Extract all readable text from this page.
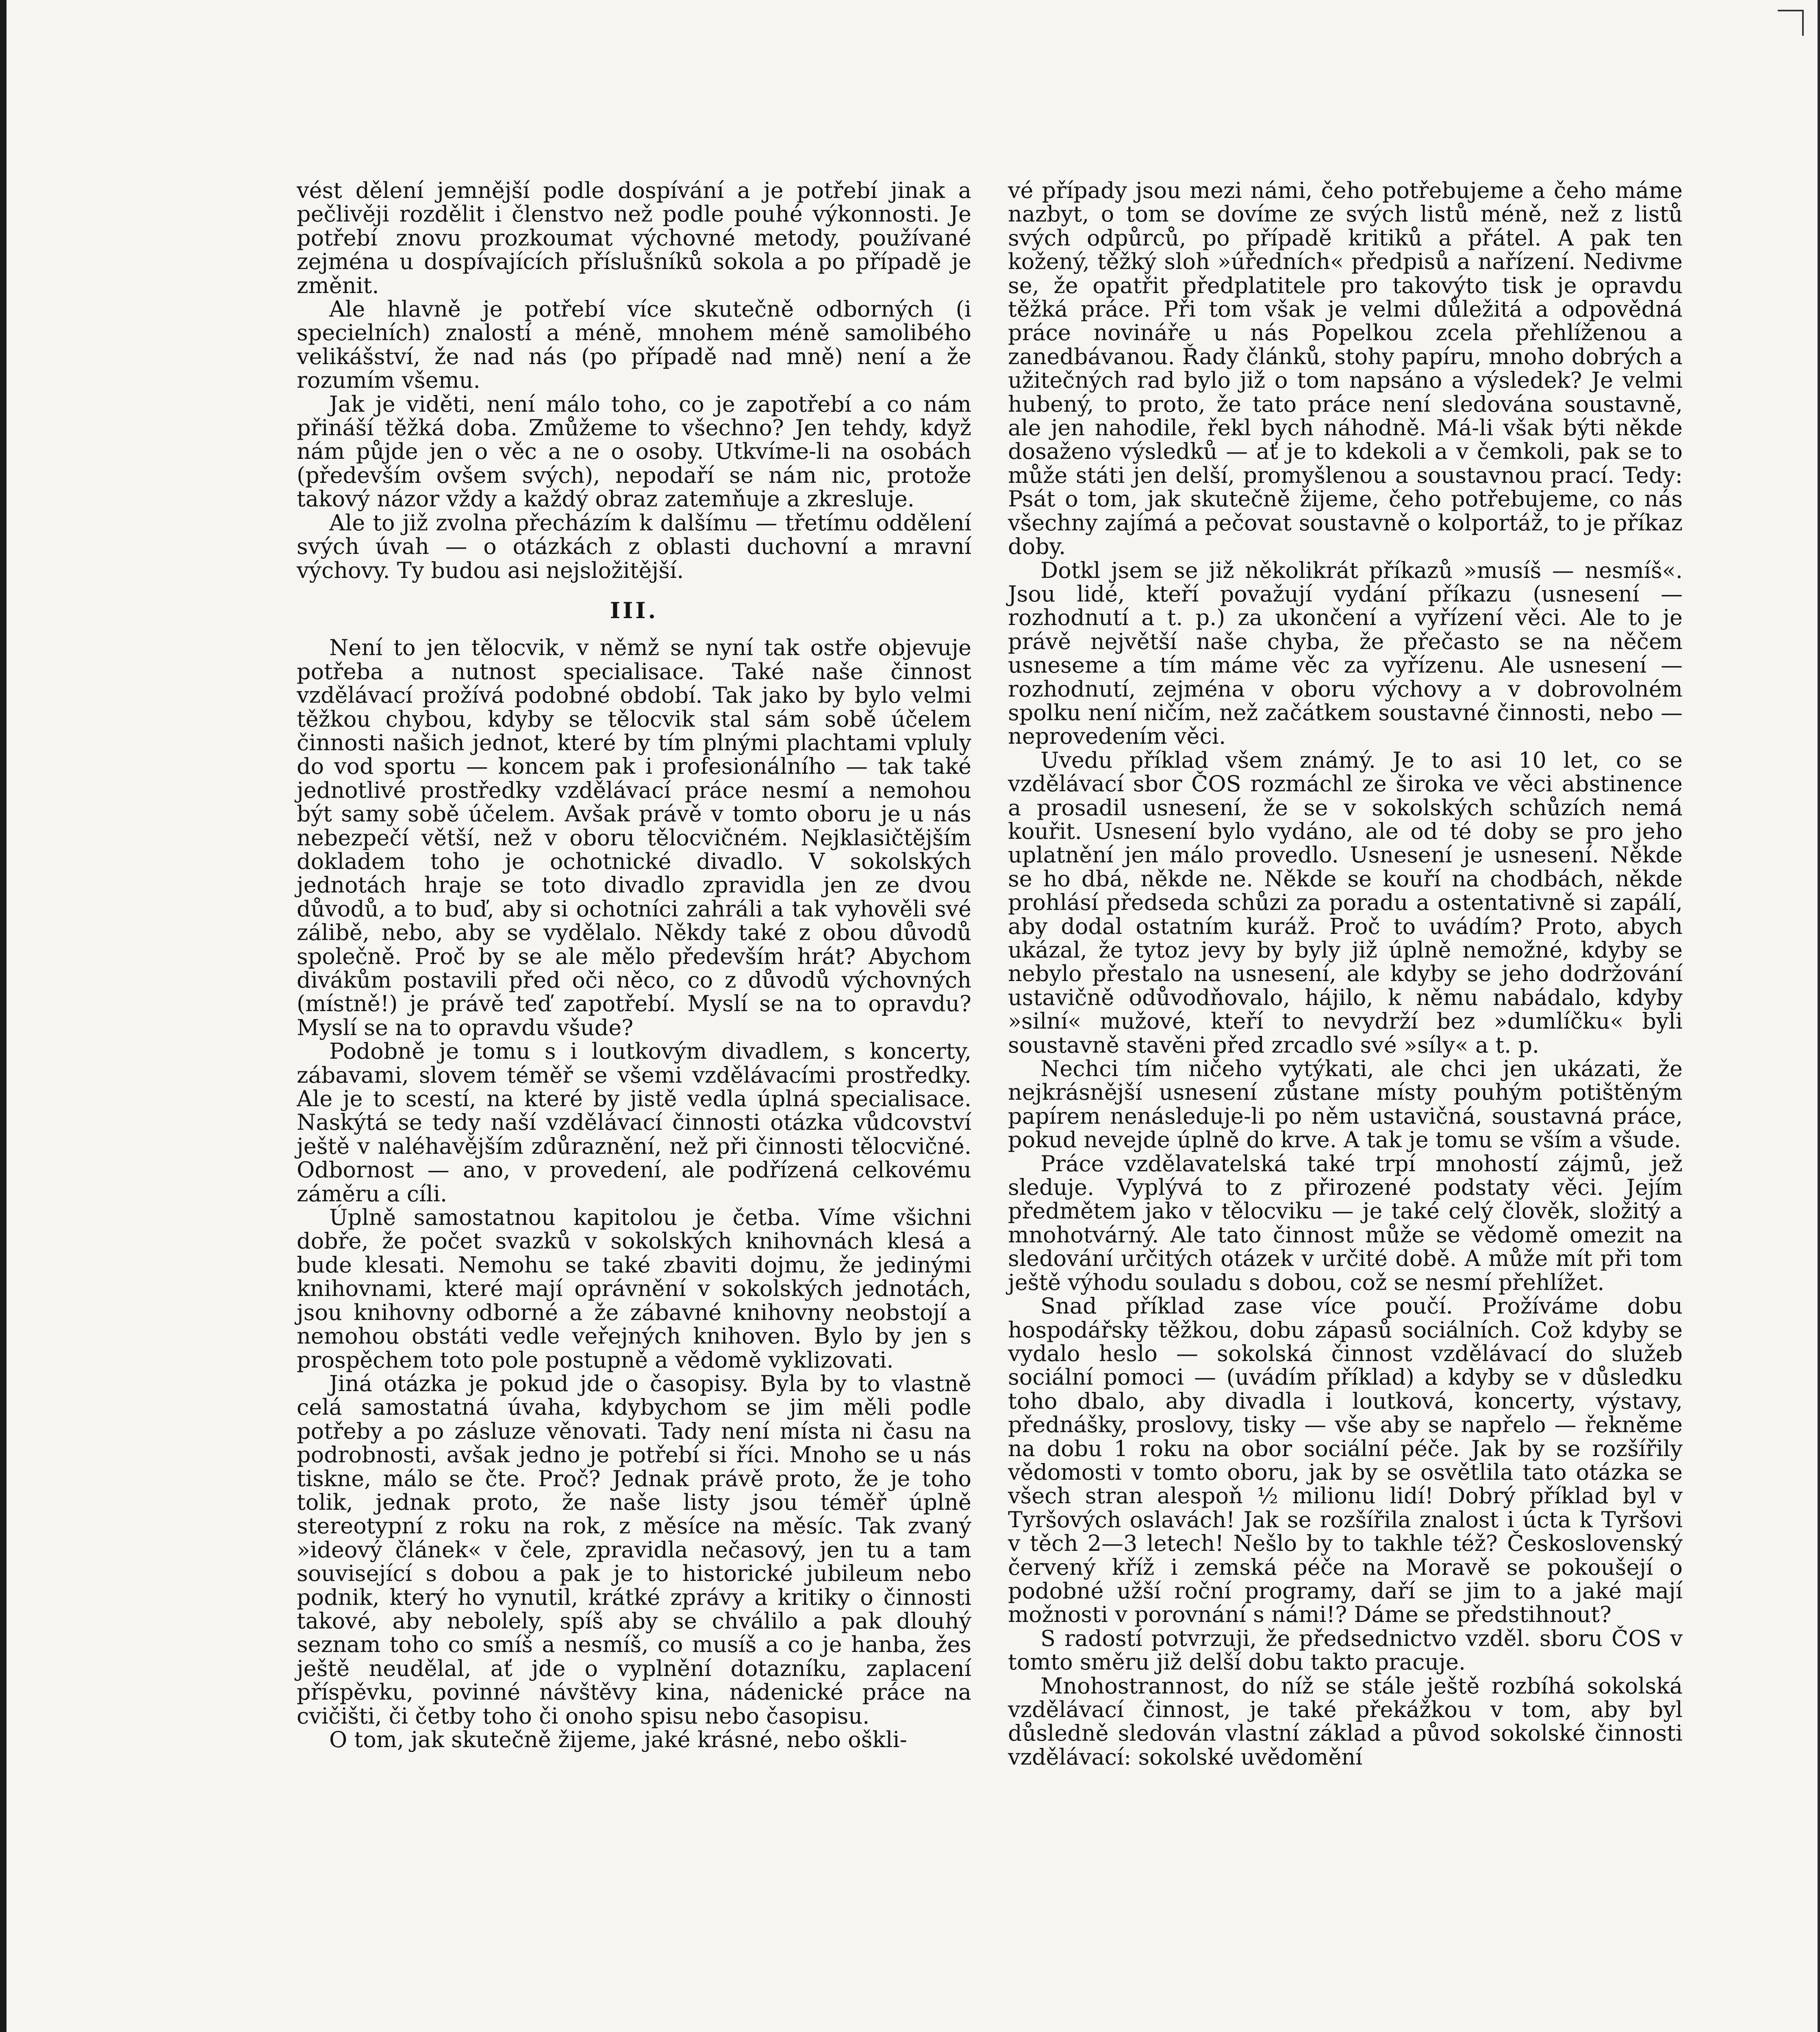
vést dělení jemnější podle dospívání a je potřebí jinak a pečlivěji rozdělit i členstvo než podle pouhé výkonnosti. Je potřebí znovu prozkoumat výchovné metody, používané zejména u dospívajících příslušníků sokola a po případě je změnit.

Ale hlavně je potřebí více skutečně odborných (i specielních) znalostí a méně, mnohem méně samolibého velikášství, že nad nás (po případě nad mně) není a že rozumím všemu.

Jak je viděti, není málo toho, co je zapotřebí a co nám přináší těžká doba. Zmůžeme to všechno? Jen tehdy, když nám půjde jen o věc a ne o osoby. Utkvíme-li na osobách (především ovšem svých), nepodaří se nám nic, protože takový názor vždy a každý obraz zatemňuje a zkresluje.

Ale to již zvolna přecházím k dalšímu — třetímu oddělení svých úvah — o otázkách z oblasti duchovní a mravní výchovy. Ty budou asi nejsložitější.

III.

Není to jen tělocvik, v němž se nyní tak ostře objevuje potřeba a nutnost specialisace. Také naše činnost vzdělávací prožívá podobné období. Tak jako by bylo velmi těžkou chybou, kdyby se tělocvik stal sám sobě účelem činnosti našich jednot, které by tím plnými plachtami vpluly do vod sportu — koncem pak i profesionálního — tak také jednotlivé prostředky vzdělávací práce nesmí a nemohou být samy sobě účelem. Avšak právě v tomto oboru je u nás nebezpečí větší, než v oboru tělocvičném. Nejklasičtějším dokladem toho je ochotnické divadlo. V sokolských jednotách hraje se toto divadlo zpravidla jen ze dvou důvodů, a to buď, aby si ochotníci zahráli a tak vyhověli své zálibě, nebo, aby se vydělalo. Někdy také z obou důvodů společně. Proč by se ale mělo především hrát? Abychom divákům postavili před oči něco, co z důvodů výchovných (místně!) je právě teď zapotřebí. Myslí se na to opravdu? Myslí se na to opravdu všude?

Podobně je tomu s i loutkovým divadlem, s koncerty, zábavami, slovem téměř se všemi vzdělávacími prostředky. Ale je to scestí, na které by jistě vedla úplná specialisace. Naskýtá se tedy naší vzdělávací činnosti otázka vůdcovství ještě v naléhavějším zdůraznění, než při činnosti tělocvičné. Odbornost — ano, v provedení, ale podřízená celkovému záměru a cíli.

Úplně samostatnou kapitolou je četba. Víme všichni dobře, že počet svazků v sokolských knihovnách klesá a bude klesati. Nemohu se také zbaviti dojmu, že jedinými knihovnami, které mají oprávnění v sokolských jednotách, jsou knihovny odborné a že zábavné knihovny neobstojí a nemohou obstáti vedle veřejných knihoven. Bylo by jen s prospěchem toto pole postupně a vědomě vyklizovati.

Jiná otázka je pokud jde o časopisy. Byla by to vlastně celá samostatná úvaha, kdybychom se jim měli podle potřeby a po zásluze věnovati. Tady není místa ni času na podrobnosti, avšak jedno je potřebí si říci. Mnoho se u nás tiskne, málo se čte. Proč? Jednak právě proto, že je toho tolik, jednak proto, že naše listy jsou téměř úplně stereotypní z roku na rok, z měsíce na měsíc. Tak zvaný »ideový článek« v čele, zpravidla nečasový, jen tu a tam související s dobou a pak je to historické jubileum nebo podnik, který ho vynutil, krátké zprávy a kritiky o činnosti takové, aby nebolely, spíš aby se chválilo a pak dlouhý seznam toho co smíš a nesmíš, co musíš a co je hanba, žes ještě neudělal, ať jde o vyplnění dotazníku, zaplacení příspěvku, povinné návštěvy kina, nádenické práce na cvičišti, či četby toho či onoho spisu nebo časopisu.

O tom, jak skutečně žijeme, jaké krásné, nebo oškli-

vé případy jsou mezi námi, čeho potřebujeme a čeho máme nazbyt, o tom se dovíme ze svých listů méně, než z listů svých odpůrců, po případě kritiků a přátel. A pak ten kožený, těžký sloh »úředních« předpisů a nařízení. Nedivme se, že opatřit předplatitele pro takovýto tisk je opravdu těžká práce. Při tom však je velmi důležitá a odpovědná práce novináře u nás Popelkou zcela přehlíženou a zanedbávanou. Řady článků, stohy papíru, mnoho dobrých a užitečných rad bylo již o tom napsáno a výsledek? Je velmi hubený, to proto, že tato práce není sledována soustavně, ale jen nahodile, řekl bych náhodně. Má-li však býti někde dosaženo výsledků — ať je to kdekoli a v čemkoli, pak se to může státi jen delší, promyšlenou a soustavnou prací. Tedy: Psát o tom, jak skutečně žijeme, čeho potřebujeme, co nás všechny zajímá a pečovat soustavně o kolportáž, to je příkaz doby.

Dotkl jsem se již několikrát příkazů »musíš — nesmíš«. Jsou lidé, kteří považují vydání příkazu (usnesení — rozhodnutí a t. p.) za ukončení a vyřízení věci. Ale to je právě největší naše chyba, že přečasto se na něčem usneseme a tím máme věc za vyřízenu. Ale usnesení — rozhodnutí, zejména v oboru výchovy a v dobrovolném spolku není ničím, než začátkem soustavné činnosti, nebo — neprovedením věci.

Uvedu příklad všem známý. Je to asi 10 let, co se vzdělávací sbor ČOS rozmáchl ze široka ve věci abstinence a prosadil usnesení, že se v sokolských schůzích nemá kouřit. Usnesení bylo vydáno, ale od té doby se pro jeho uplatnění jen málo provedlo. Usnesení je usnesení. Někde se ho dbá, někde ne. Někde se kouří na chodbách, někde prohlásí předseda schůzi za poradu a ostentativně si zapálí, aby dodal ostatním kuráž. Proč to uvádím? Proto, abych ukázal, že tytoz jevy by byly již úplně nemožné, kdyby se nebylo přestalo na usnesení, ale kdyby se jeho dodržování ustavičně odůvodňovalo, hájilo, k němu nabádalo, kdyby »silní« mužové, kteří to nevydrží bez »dumlíčku« byli soustavně stavěni před zrcadlo své »síly« a t. p.

Nechci tím ničeho vytýkati, ale chci jen ukázati, že nejkrásnější usnesení zůstane místy pouhým potištěným papírem nenásleduje-li po něm ustavičná, soustavná práce, pokud nevejde úplně do krve. A tak je tomu se vším a všude.

Práce vzdělavatelská také trpí mnohostí zájmů, jež sleduje. Vyplývá to z přirozené podstaty věci. Jejím předmětem jako v tělocviku — je také celý člověk, složitý a mnohotvárný. Ale tato činnost může se vědomě omezit na sledování určitých otázek v určité době. A může mít při tom ještě výhodu souladu s dobou, což se nesmí přehlížet.

Snad příklad zase více poučí. Prožíváme dobu hospodářsky těžkou, dobu zápasů sociálních. Což kdyby se vydalo heslo — sokolská činnost vzdělávací do služeb sociální pomoci — (uvádím příklad) a kdyby se v důsledku toho dbalo, aby divadla i loutková, koncerty, výstavy, přednášky, proslovy, tisky — vše aby se napřelo — řekněme na dobu 1 roku na obor sociální péče. Jak by se rozšířily vědomosti v tomto oboru, jak by se osvětlila tato otázka se všech stran alespoň ½ milionu lidí! Dobrý příklad byl v Tyršových oslavách! Jak se rozšířila znalost i úcta k Tyršovi v těch 2—3 letech! Nešlo by to takhle též? Československý červený kříž i zemská péče na Moravě se pokoušejí o podobné užší roční programy, daří se jim to a jaké mají možnosti v porovnání s námi!? Dáme se předstihnout?

S radostí potvrzuji, že předsednictvo vzděl. sboru ČOS v tomto směru již delší dobu takto pracuje.

Mnohostrannost, do níž se stále ještě rozbíhá sokolská vzdělávací činnost, je také překážkou v tom, aby byl důsledně sledován vlastní základ a původ sokolské činnosti vzdělávací: sokolské uvědomění
